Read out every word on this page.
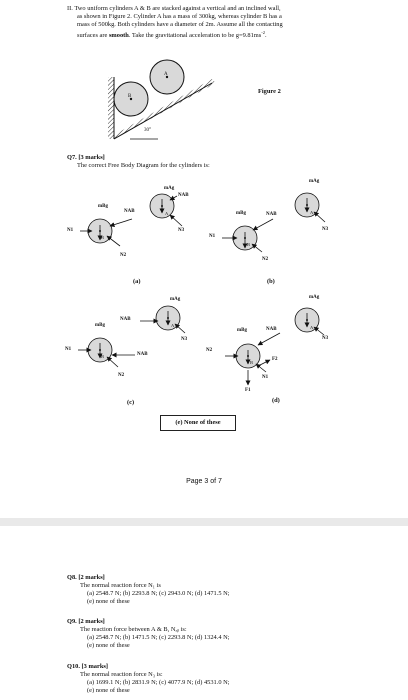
II. Two uniform cylinders A & B are stacked against a vertical and an inclined wall,
as shown in Figure 2. Cylinder A has a mass of 300kg, whereas cylinder B has a
mass of 500kg. Both cylinders have a diameter of 2m. Assume all the contacting
surfaces are smooth. Take the gravitational acceleration to be $g=9.81ms^{-2}$.
B
A
30°
Figure 2
Q7. [3 marks]
The correct Free Body Diagram for the cylinders is:
mBg
mAg
NAB
NAB
N1	N3
N2
A
B
(a)
mBg
mAg
NAB
N1
N3
N2
A
B
(b)
mBg
mAg
NAB
NAB
N1
N3
N2
A
B
(c)
mBg
mAg
NAB
N2
N3
N1
F2
F1
A
B
(d)
(e) None of these
Page 3 of 7
Q8. [2 marks]
The normal reaction force N₁ is
(a) 2548.7 N; (b) 2293.8 N; (c) 2943.0 N; (d) 1471.5 N;
(e) none of these
Q9. [2 marks]
The reaction force between A & B, Nₐᵦ is:
(a) 2548.7 N; (b) 1471.5 N; (c) 2293.8 N; (d) 1324.4 N;
(e) none of these
Q10. [3 marks]
The normal reaction force N₃ is:
(a) 1699.1 N; (b) 2831.9 N; (c) 4077.9 N; (d) 4531.0 N;
(e) none of these
